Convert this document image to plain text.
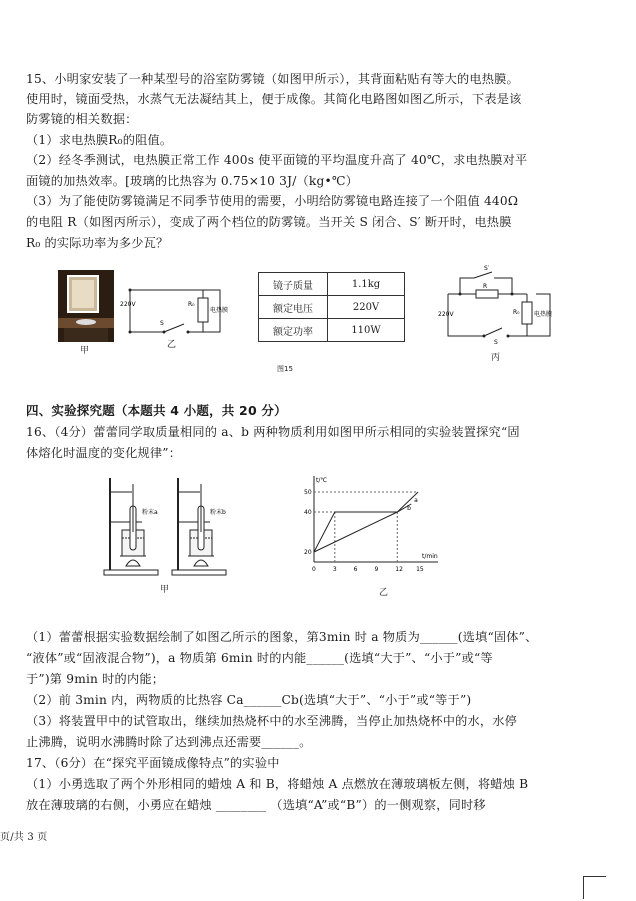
15、小明家安装了一种某型号的浴室防雾镜（如图甲所示），其背面粘贴有等大的电热膜。
使用时，镜面受热，水蒸气无法凝结其上，便于成像。其简化电路图如图乙所示，下表是该
防雾镜的相关数据：
（1）求电热膜R₀的阻值。
（2）经冬季测试，电热膜正常工作 400s 使平面镜的平均温度升高了 40℃，求电热膜对平
面镜的加热效率。[玻璃的比热容为 0.75×10 3J/（kg•℃）
（3）为了能使防雾镜满足不同季节使用的需要，小明给防雾镜电路连接了一个阻值 440Ω
的电阻 R（如图丙所示），变成了两个档位的防雾镜。当开关 S 闭合、S′ 断开时，电热膜
R₀ 的实际功率为多少瓦？
甲
220V	R₀
电热膜
S
乙
镜子质量	1.1kg
额定电压	220V
额定功率	110W
图15
S′
R
220V	R₀ 电热膜
S
丙
四、实验探究题（本题共 4 小题，共 20 分）
16、（4分）蕾蕾同学取质量相同的 a、b 两种物质利用如图甲所示相同的实验装置探究“固
体熔化时温度的变化规律”：
粉末a	粉末b
甲
t/℃
t/min
0	3	6	9	12 15
20
40
50
a
b
乙
（1）蕾蕾根据实验数据绘制了如图乙所示的图象，第3min 时 a 物质为______(选填“固体”、
“液体”或“固液混合物”)，a 物质第 6min 时的内能______(选填“大于”、“小于”或“等
于”)第 9min 时的内能；
（2）前 3min 内，两物质的比热容 Ca______Cb(选填“大于”、“小于”或“等于”)
（3）将装置甲中的试管取出，继续加热烧杯中的水至沸腾，当停止加热烧杯中的水，水停
止沸腾，说明水沸腾时除了达到沸点还需要______。
17、（6分）在“探究平面镜成像特点”的实验中
（1）小勇选取了两个外形相同的蜡烛 A 和 B，将蜡烛 A 点燃放在薄玻璃板左侧，将蜡烛 B
放在薄玻璃的右侧，小勇应在蜡烛 ________ （选填“A”或“B”）的一侧观察，同时移
页/共 3 页
